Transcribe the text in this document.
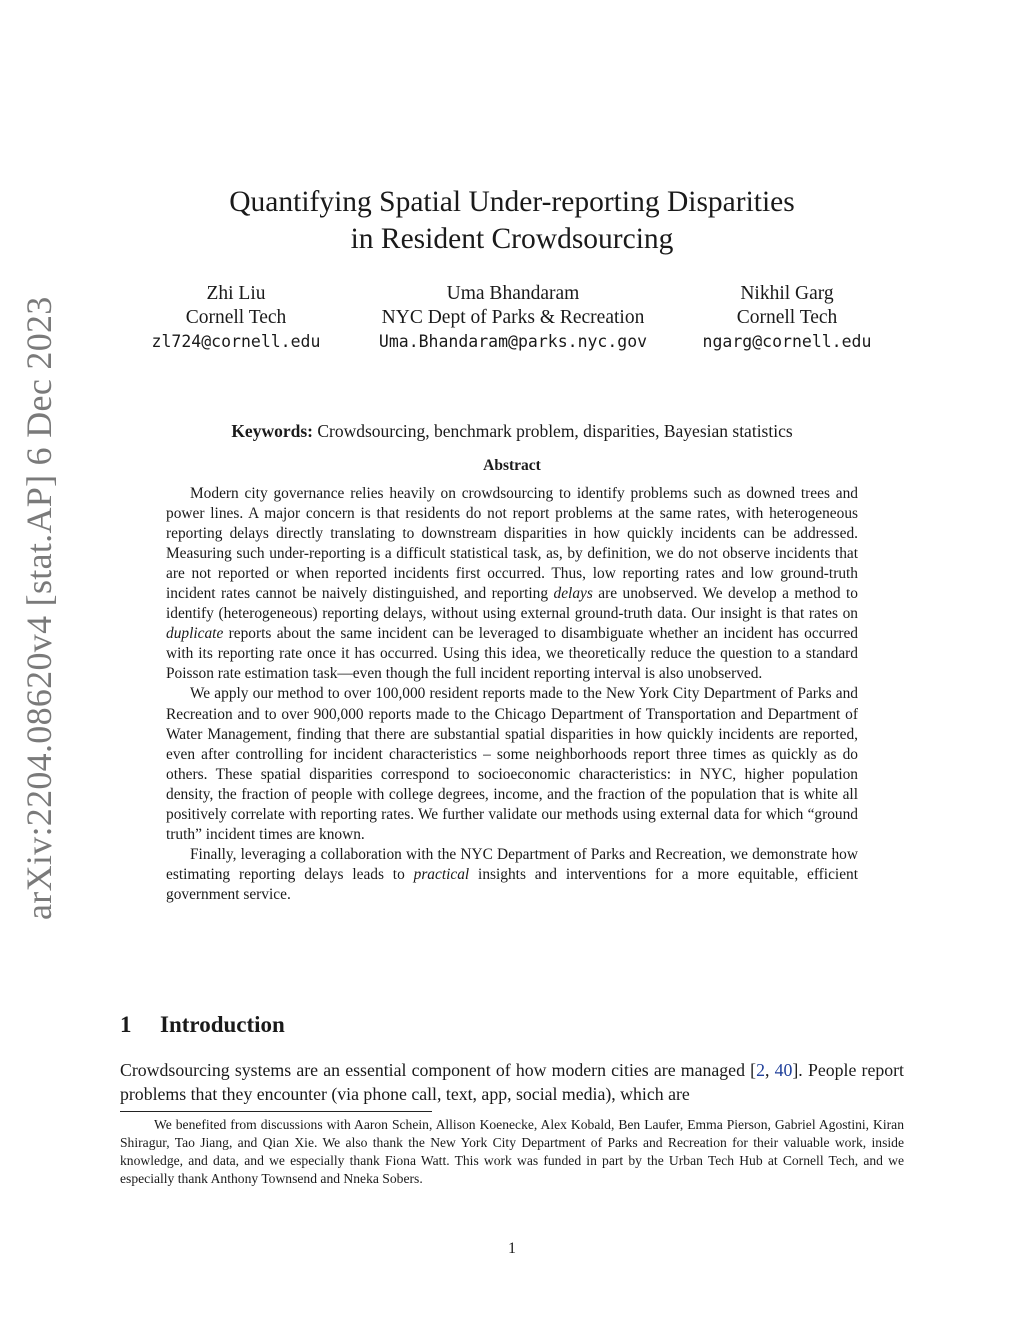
arXiv:2204.08620v4 [stat.AP] 6 Dec 2023
Quantifying Spatial Under-reporting Disparities
in Resident Crowdsourcing
Zhi Liu
Cornell Tech
zl724@cornell.edu
Uma Bhandaram
NYC Dept of Parks & Recreation
Uma.Bhandaram@parks.nyc.gov
Nikhil Garg
Cornell Tech
ngarg@cornell.edu
Keywords: Crowdsourcing, benchmark problem, disparities, Bayesian statistics
Abstract

Modern city governance relies heavily on crowdsourcing to identify problems such as downed trees and power lines. A major concern is that residents do not report problems at the same rates, with heterogeneous reporting delays directly translating to downstream disparities in how quickly incidents can be addressed. Measuring such under-reporting is a difficult statistical task, as, by definition, we do not observe incidents that are not reported or when reported incidents first occurred. Thus, low reporting rates and low ground-truth incident rates cannot be naively distinguished, and reporting delays are unobserved. We develop a method to identify (heterogeneous) reporting delays, without using external ground-truth data. Our insight is that rates on duplicate reports about the same incident can be leveraged to disambiguate whether an incident has occurred with its reporting rate once it has occurred. Using this idea, we theoretically reduce the question to a standard Poisson rate estimation task—even though the full incident reporting interval is also unobserved.

We apply our method to over 100,000 resident reports made to the New York City Department of Parks and Recreation and to over 900,000 reports made to the Chicago Department of Transportation and Department of Water Management, finding that there are substantial spatial disparities in how quickly incidents are reported, even after controlling for incident characteristics – some neighborhoods report three times as quickly as do others. These spatial disparities correspond to socioeconomic characteristics: in NYC, higher population density, the fraction of people with college degrees, income, and the fraction of the population that is white all positively correlate with reporting rates. We further validate our methods using external data for which “ground truth” incident times are known.

Finally, leveraging a collaboration with the NYC Department of Parks and Recreation, we demonstrate how estimating reporting delays leads to practical insights and interventions for a more equitable, efficient government service.

1 Introduction

Crowdsourcing systems are an essential component of how modern cities are managed [2, 40]. People report problems that they encounter (via phone call, text, app, social media), which are

We benefited from discussions with Aaron Schein, Allison Koenecke, Alex Kobald, Ben Laufer, Emma Pierson, Gabriel Agostini, Kiran Shiragur, Tao Jiang, and Qian Xie. We also thank the New York City Department of Parks and Recreation for their valuable work, inside knowledge, and data, and we especially thank Fiona Watt. This work was funded in part by the Urban Tech Hub at Cornell Tech, and we especially thank Anthony Townsend and Nneka Sobers.

1
